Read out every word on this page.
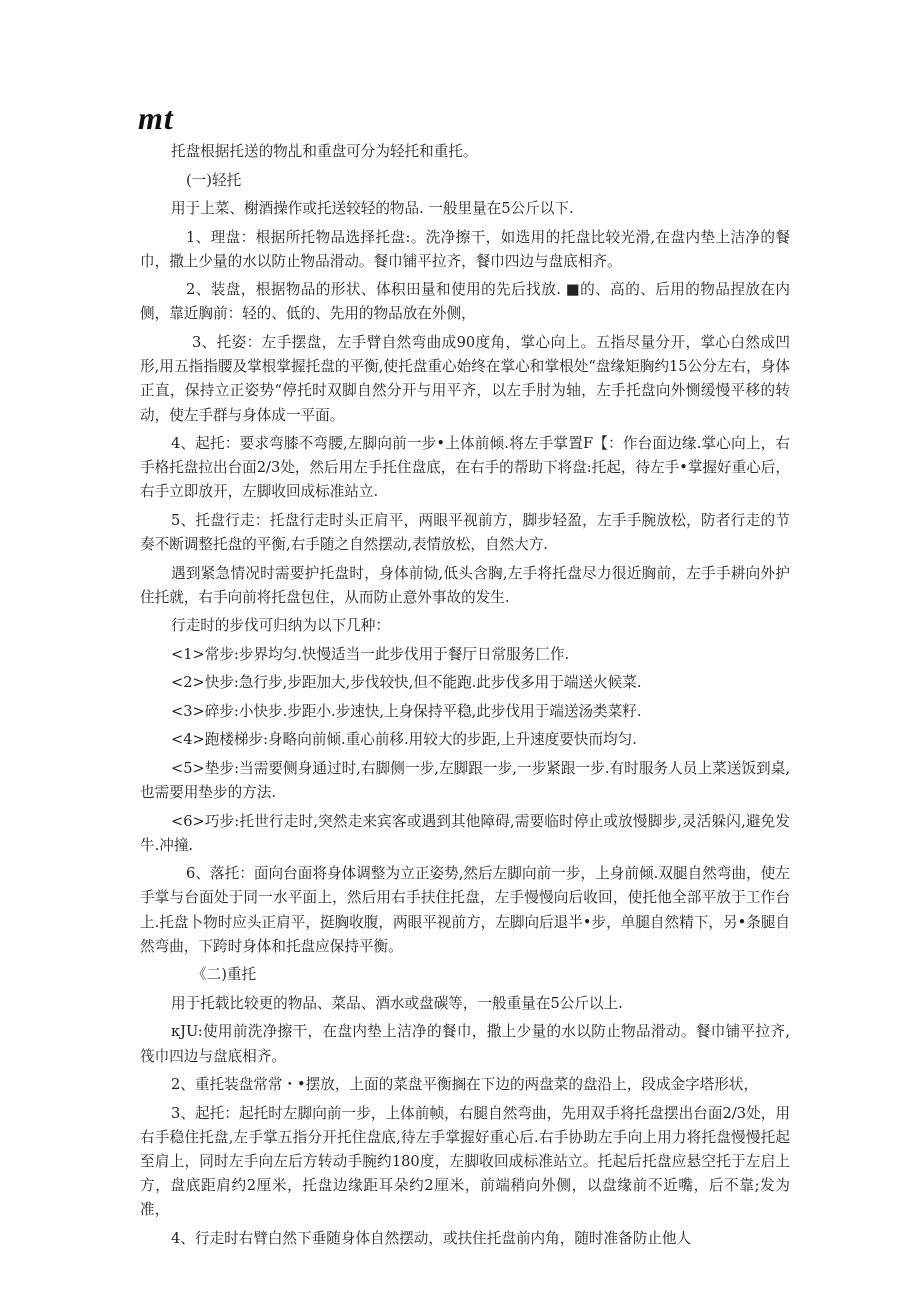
mt

托盘根据托送的物乩和重盘可分为轻托和重托。

(一)轻托

用于上菜、榭酒操作或托送较轻的物品. 一般里量在5公斤以下.

1、理盘：根据所托物品选择托盘:。洗净擦干，如选用的托盘比较光滑,在盘内垫上洁净的餐巾，撒上少量的水以防止物品滑动。餐巾铺平拉齐，餐巾四边与盘底相齐。

2、装盘，根据物品的形状、体积田量和使用的先后找放. ■的、高的、后用的物品捏放在内侧，靠近胸前：轻的、低的、先用的物品放在外侧，

3、托姿：左手摆盘，左手臂自然弯曲成90度角，掌心向上。五指尽量分开，掌心白然成凹形,用五指指腰及掌根掌握托盘的平衡,使托盘重心始终在掌心和掌根处“盘缘矩胸约15公分左右，身体正直，保持立正姿势“停托时双脚自然分开与用平齐，以左手肘为轴，左手托盘向外恻缓慢平移的转动，使左手群与身体成一平面。

4、起托：要求弯膝不弯腰,左脚向前一步•上体前倾.将左手掌置F【：作台面边缘.掌心向上，右手格托盘拉出台面2/3处，然后用左手托住盘底，在右手的帮助下将盘:托起，待左手•掌握好重心后，右手立即放开，左脚收回成标准站立.

5、托盘行走：托盘行走时头正肩平，两眼平视前方，脚步轻盈，左手手腕放松，防者行走的节奏不断调整托盘的平衡,右手随之自然摆动,表情放松，自然大方.

遇到紧急情况时需要护托盘时，身体前恸,低头含胸,左手将托盘尽力很近胸前，左手手耕向外护住托就，右手向前将托盘包住，从而防止意外事故的发生.

行走时的步伐可归纳为以下几种：

<1>常步:步界均匀.快慢适当一此步伐用于餐厅日常服务匚作.

<2>快步:急行步,步距加大,步伐较快,但不能跑.此步伐多用于端送火候菜.

<3>碎步:小快步.步距小.步速快,上身保持平稳,此步伐用于端送汤类菜籽.

<4>跑楼梯步:身略向前倾.重心前移.用较大的步距,上升速度要快而均匀.

<5>垫步:当需要侧身通过时,右脚侧一步,左脚跟一步,一步紧跟一步.有时服务人员上菜送饭到桌,也需要用垫步的方法.

<6>巧步:托世行走时,突然走来宾客或遇到其他障碍,需要临时停止或放慢脚步,灵活躲闪,避免发牛.冲撞.

6、落托：面向台面将身体调整为立正姿势,然后左脚向前一步，上身前倾.双腿自然弯曲，使左手掌与台面处于同一水平面上，然后用右手扶住托盘，左手慢慢向后收回，使托他全部平放于工作台上.托盘卜物时应头正肩平，挺胸收腹，两眼平视前方，左脚向后退半•步，单腿自然精下，另•条腿自然弯曲，下跨时身体和托盘应保持平衡。

《二)重托

用于托载比较更的物品、菜品、酒水或盘碳等，一般重量在5公斤以上.

κJU:使用前洗净擦干，在盘内垫上洁净的餐巾，撒上少量的水以防止物品滑动。餐巾铺平拉齐,筏巾四边与盘底相齐。

2、重托装盘常常・•摆放，上面的菜盘平衡搁在下边的两盘菜的盘沿上，段成金字塔形状，

3、起托：起托时左脚向前一步，上体前帧，右腿自然弯曲，先用双手将托盘摆出台面2/3处，用右手稳住托盘,左手掌五指分开托住盘底,待左手掌握好重心后.右手协助左手向上用力将托盘慢慢托起至肩上，同时左手向左后方转动手腕约180度，左脚收回成标准站立。托起后托盘应悬空托于左启上方，盘底距肩约2厘米，托盘边缘距耳朵约2厘米，前端稍向外侧，以盘缘前不近嘴，后不靠;发为准，

4、行走时右臂白然下垂随身体自然摆动，或扶住托盘前内角，随时准备防止他人
